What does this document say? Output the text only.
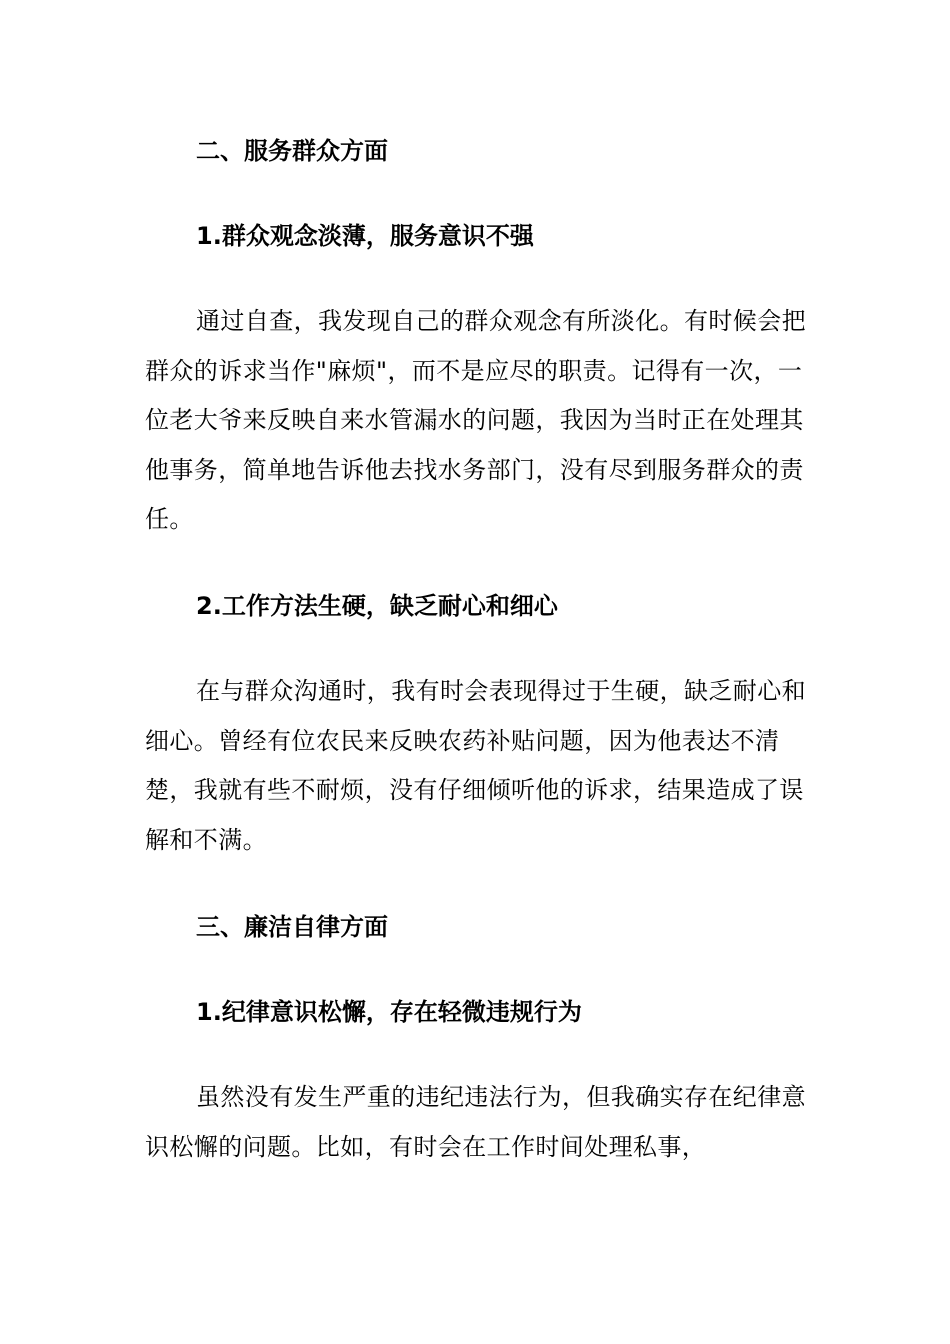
二、服务群众方面
1.群众观念淡薄，服务意识不强

通过自查，我发现自己的群众观念有所淡化。有时候会把群众的诉求当作"麻烦"，而不是应尽的职责。记得有一次，一位老大爷来反映自来水管漏水的问题，我因为当时正在处理其他事务，简单地告诉他去找水务部门，没有尽到服务群众的责任。

2.工作方法生硬，缺乏耐心和细心

在与群众沟通时，我有时会表现得过于生硬，缺乏耐心和细心。曾经有位农民来反映农药补贴问题，因为他表达不清楚，我就有些不耐烦，没有仔细倾听他的诉求，结果造成了误解和不满。

三、廉洁自律方面
1.纪律意识松懈，存在轻微违规行为

虽然没有发生严重的违纪违法行为，但我确实存在纪律意识松懈的问题。比如，有时会在工作时间处理私事，
